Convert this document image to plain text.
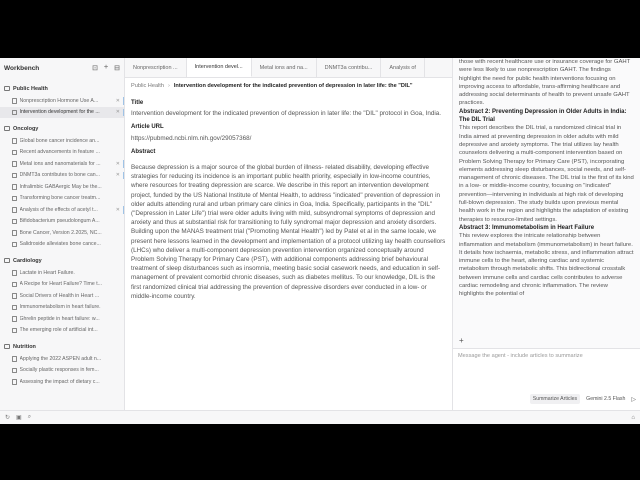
Workbench	⊡ + ⊟
Public Health
Nonprescription Hormone Use A...	✕
Intervention development for the ...	✕
Oncology
Global bone cancer incidence an...
Recent advancements in feature ...
Metal ions and nanomaterials for ...	✕
DNMT3a contributes to bone can...	✕
Infralimbic GABAergic May be the...
Transforming bone cancer treatm...
Analysis of the effects of acetyl t...	✕
Bifidobacterium pseudolongum A...
Bone Cancer, Version 2.2025, NC...
Salidroside alleviates bone cance...
Cardiology
Lactate in Heart Failure.
A Recipe for Heart Failure? Time t...
Social Drivers of Health in Heart ...
Immunometabolism in heart failure.
Ghrelin peptide in heart failure: w...
The emerging role of artificial int...
Nutrition
Applying the 2022 ASPEN adult n...
Socially plastic responses in fem...
Assessing the impact of dietary c...
Nonprescription ...	Intervention devel...	Metal ions and na...	DNMT3a contribu...	Analysis of
Public Health › Intervention development for the indicated prevention of depression in later life: the "DIL"
Title
Intervention development for the indicated prevention of depression in later life: the "DIL" protocol in Goa, India.
Article URL
https://pubmed.ncbi.nlm.nih.gov/29057368/
Abstract
Because depression is a major source of the global burden of illness- related disability, developing effective strategies for reducing its incidence is an important public health priority, especially in low-income countries, where resources for treating depression are scarce. We describe in this report an intervention development project, funded by the US National Institute of Mental Health, to address "indicated" prevention of depression in older adults attending rural and urban primary care clinics in Goa, India. Specifically, participants in the "DIL" ("Depression in Later Life") trial were older adults living with mild, subsyndromal symptoms of depression and anxiety and thus at substantial risk for transitioning to fully syndromal major depression and anxiety disorders. Building upon the MANAS treatment trial ("Promoting Mental Health") led by Patel et al in the same locale, we present here lessons learned in the development and implementation of a protocol utilizing lay health counsellors (LHCs) who deliver a multi-component depression prevention intervention organized conceptually around Problem Solving Therapy for Primary Care (PST), with additional components addressing brief behavioural treatment of sleep disturbances such as insomnia, meeting basic social casework needs, and education in self- management of prevalent comorbid chronic diseases, such as diabetes mellitus. To our knowledge, DIL is the first randomized clinical trial addressing the prevention of depressive disorders ever conducted in a low- or middle-income country.

those with recent healthcare use or insurance coverage for GAHT were less likely to use nonprescription GAHT. The findings highlight the need for public health interventions focusing on improving access to affordable, trans-affirming healthcare and addressing social determinants of health to prevent unsafe GAHT practices.

Abstract 2: Preventing Depression in Older Adults in India: The DIL Trial

This report describes the DIL trial, a randomized clinical trial in India aimed at preventing depression in older adults with mild depressive and anxiety symptoms. The trial utilizes lay health counselors delivering a multi-component intervention based on Problem Solving Therapy for Primary Care (PST), incorporating elements addressing sleep disturbances, social needs, and self-management of chronic diseases. The DIL trial is the first of its kind in a low- or middle-income country, focusing on "indicated" prevention—intervening in individuals at high risk of developing full-blown depression. The study builds upon previous mental health work in the region and highlights the adaptation of existing therapies to resource-limited settings.

Abstract 3: Immunometabolism in Heart Failure

This review explores the intricate relationship between inflammation and metabolism (immunometabolism) in heart failure. It details how ischaemia, metabolic stress, and inflammation attract immune cells to the heart, altering cardiac and systemic metabolism through metabolic shifts. This bidirectional crosstalk between immune cells and cardiac cells contributes to adverse cardiac remodeling and chronic inflammation. The review highlights the potential of

+
Message the agent - include articles to summarize
Summarize Articles	Gemini 2.5 Flash ▷
↻ ▣ ⌕	⌂
